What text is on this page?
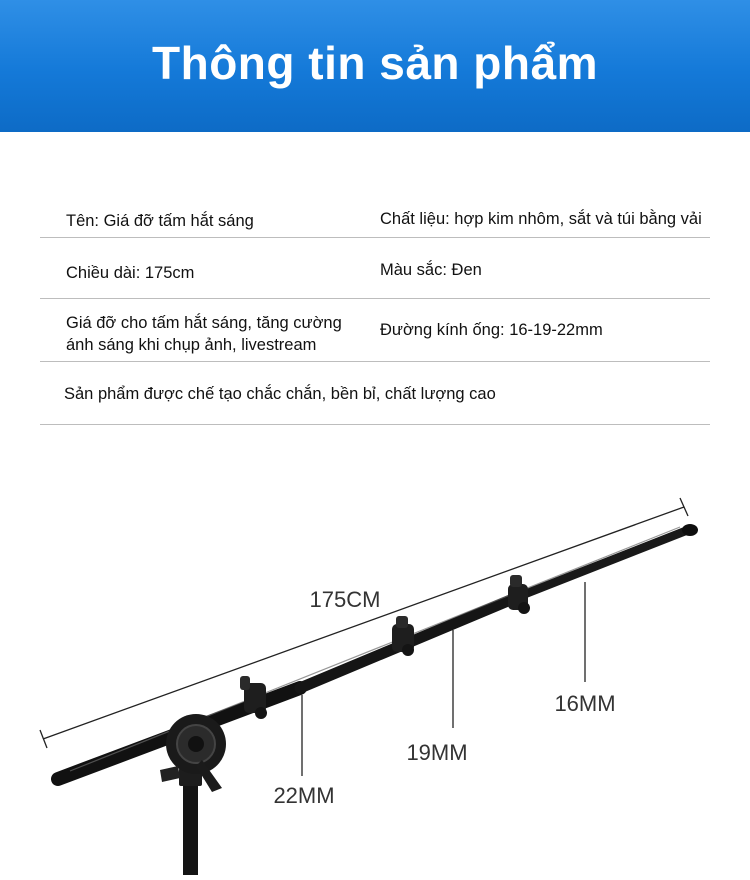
Thông tin sản phẩm
Tên: Giá đỡ tấm hắt sáng	Chất liệu: hợp kim nhôm, sắt và túi bằng vải
Chiều dài: 175cm	Màu sắc: Đen
Giá đỡ cho tấm hắt sáng, tăng cường
ánh sáng khi chụp ảnh, livestream
Đường kính ống: 16-19-22mm
Sản phẩm được chế tạo chắc chắn, bền bỉ, chất lượng cao
175CM
16MM
19MM
22MM
